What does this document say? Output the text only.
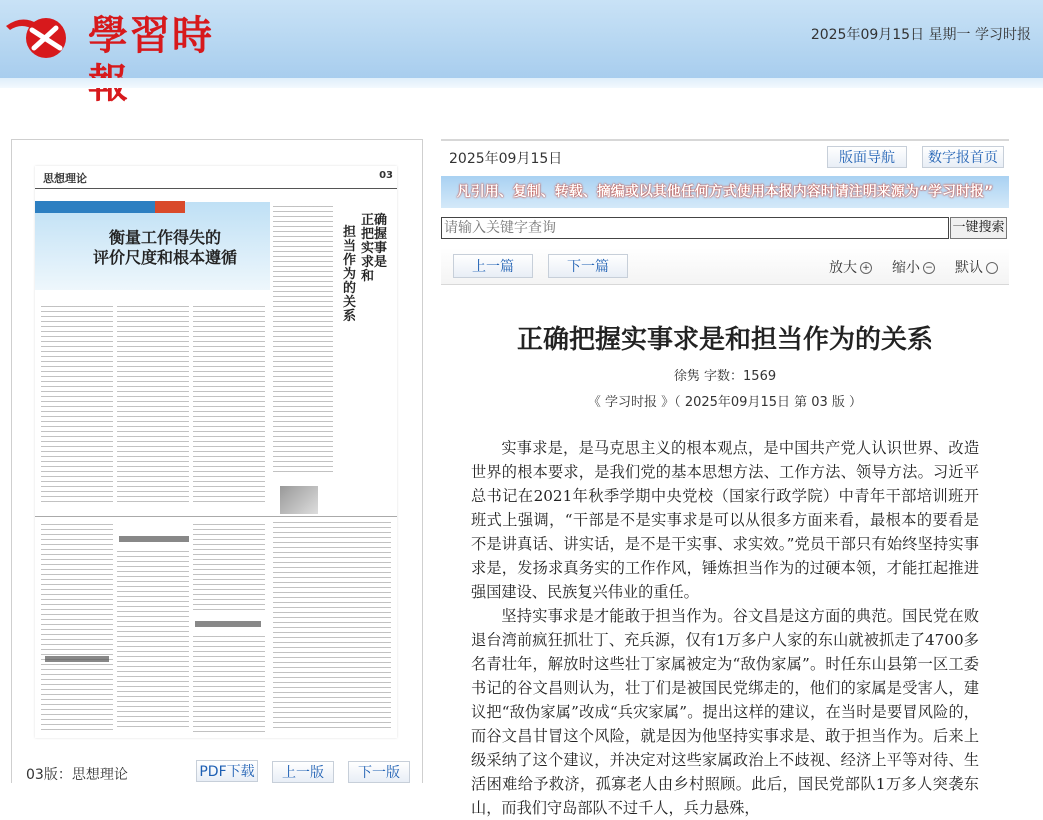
學習時	2025年09月15日 星期一 学习时报
思想理论	03
衡量工作得失的
评价尺度和根本遵循
正确把握实事求是和
担当作为的关系
03版：思想理论	PDF下载	上一版	下一版
2025年09月15日	版面导航	数字报首页
凡引用、复制、转载、摘编或以其他任何方式使用本报内容时请注明来源为“学习时报”
请输入关键字查询
一键搜索
上一篇	下一篇	放大 + 缩小 − 默认
正确把握实事求是和担当作为的关系
徐隽 字数：1569
《 学习时报 》（ 2025年09月15日 第 03 版 ）

实事求是，是马克思主义的根本观点，是中国共产党人认识世界、改造世界的根本要求，是我们党的基本思想方法、工作方法、领导方法。习近平总书记在2021年秋季学期中央党校（国家行政学院）中青年干部培训班开班式上强调，“干部是不是实事求是可以从很多方面来看，最根本的要看是不是讲真话、讲实话，是不是干实事、求实效。”党员干部只有始终坚持实事求是，发扬求真务实的工作作风，锤炼担当作为的过硬本领，才能扛起推进强国建设、民族复兴伟业的重任。

坚持实事求是才能敢于担当作为。谷文昌是这方面的典范。国民党在败退台湾前疯狂抓壮丁、充兵源，仅有1万多户人家的东山就被抓走了4700多名青壮年，解放时这些壮丁家属被定为“敌伪家属”。时任东山县第一区工委书记的谷文昌则认为，壮丁们是被国民党绑走的，他们的家属是受害人，建议把“敌伪家属”改成“兵灾家属”。提出这样的建议，在当时是要冒风险的，而谷文昌甘冒这个风险，就是因为他坚持实事求是、敢于担当作为。后来上级采纳了这个建议，并决定对这些家属政治上不歧视、经济上平等对待、生活困难给予救济，孤寡老人由乡村照顾。此后，国民党部队1万多人突袭东山，而我们守岛部队不过千人，兵力悬殊，
